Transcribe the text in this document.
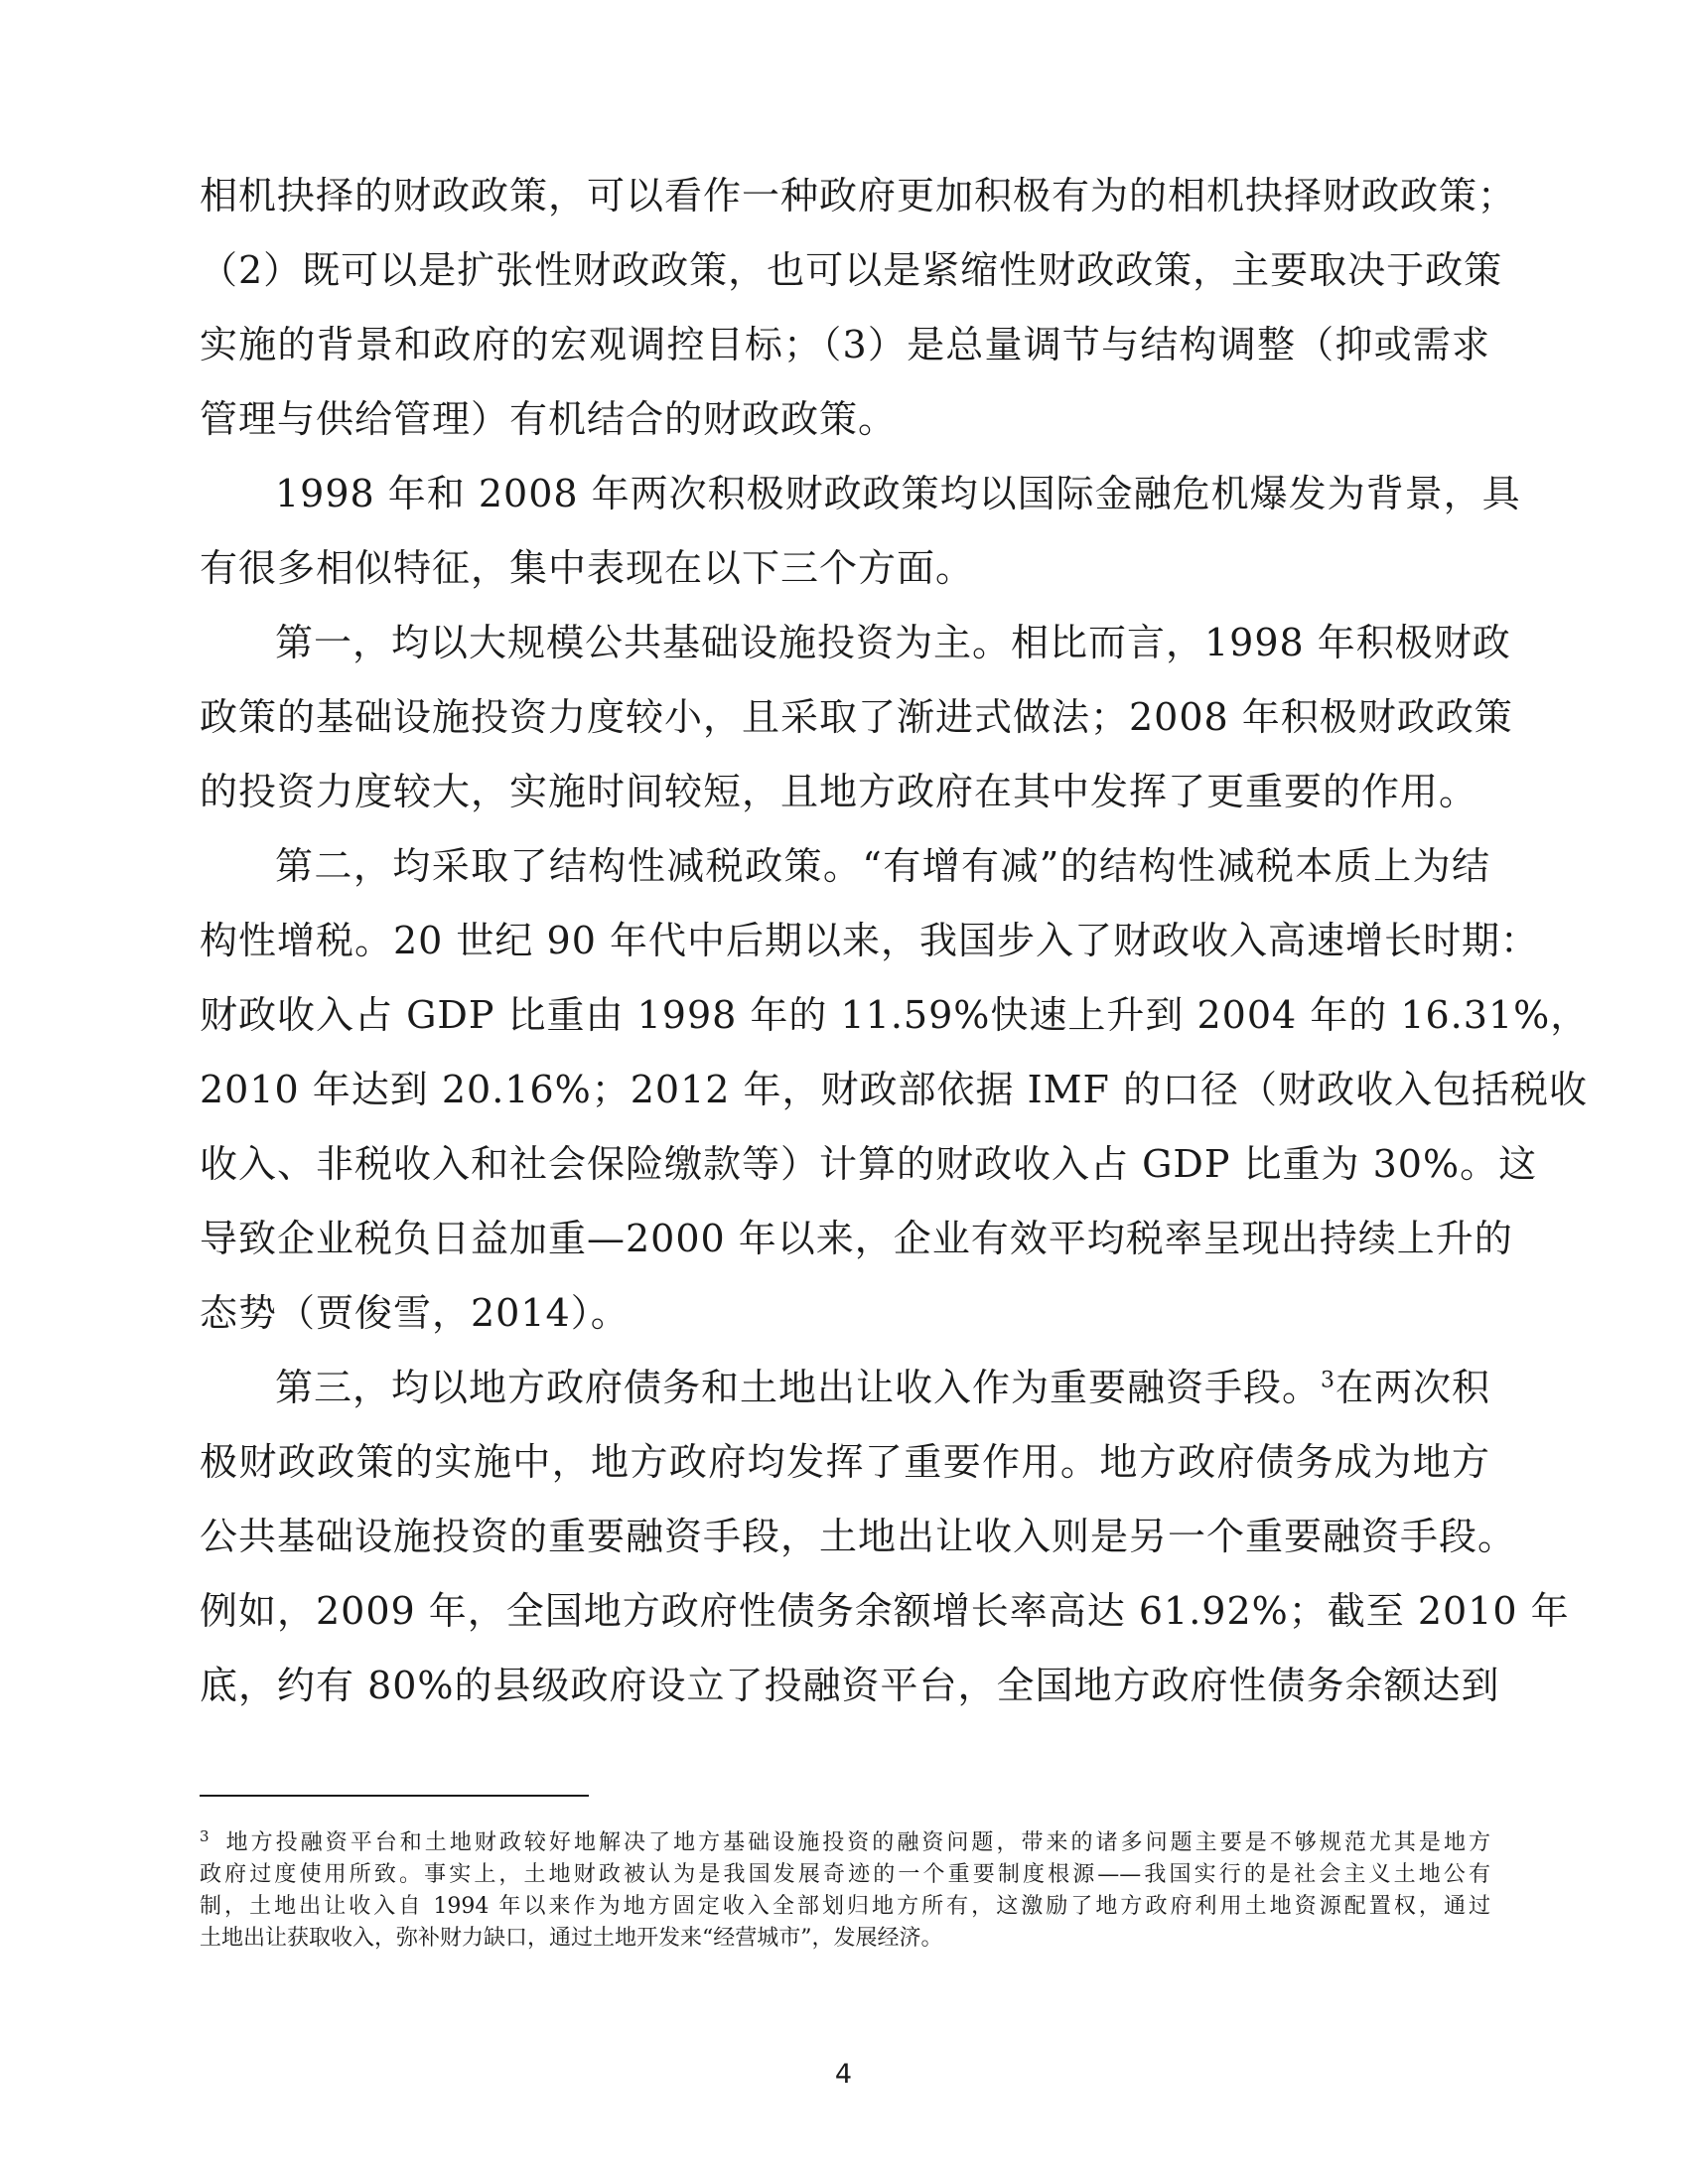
相机抉择的财政政策，可以看作一种政府更加积极有为的相机抉择财政政策；
（2）既可以是扩张性财政政策，也可以是紧缩性财政政策，主要取决于政策
实施的背景和政府的宏观调控目标；（3）是总量调节与结构调整（抑或需求
管理与供给管理）有机结合的财政政策。
1998 年和 2008 年两次积极财政政策均以国际金融危机爆发为背景，具
有很多相似特征，集中表现在以下三个方面。
第一，均以大规模公共基础设施投资为主。相比而言，1998 年积极财政
政策的基础设施投资力度较小，且采取了渐进式做法；2008 年积极财政政策
的投资力度较大，实施时间较短，且地方政府在其中发挥了更重要的作用。
第二，均采取了结构性减税政策。“有增有减”的结构性减税本质上为结
构性增税。20 世纪 90 年代中后期以来，我国步入了财政收入高速增长时期：
财政收入占 GDP 比重由 1998 年的 11.59%快速上升到 2004 年的 16.31%，
2010 年达到 20.16%；2012 年，财政部依据 IMF 的口径（财政收入包括税收
收入、非税收入和社会保险缴款等）计算的财政收入占 GDP 比重为 30%。这
导致企业税负日益加重—2000 年以来，企业有效平均税率呈现出持续上升的
态势（贾俊雪，2014）。
第三，均以地方政府债务和土地出让收入作为重要融资手段。$^3$在两次积
极财政政策的实施中，地方政府均发挥了重要作用。地方政府债务成为地方
公共基础设施投资的重要融资手段，土地出让收入则是另一个重要融资手段。
例如，2009 年，全国地方政府性债务余额增长率高达 61.92%；截至 2010 年
底，约有 80%的县级政府设立了投融资平台，全国地方政府性债务余额达到
$^3$ 地方投融资平台和土地财政较好地解决了地方基础设施投资的融资问题，带来的诸多问题主要是不够规范尤其是地方
政府过度使用所致。事实上，土地财政被认为是我国发展奇迹的一个重要制度根源——我国实行的是社会主义土地公有
制，土地出让收入自 1994 年以来作为地方固定收入全部划归地方所有，这激励了地方政府利用土地资源配置权，通过
土地出让获取收入，弥补财力缺口，通过土地开发来“经营城市”，发展经济。
4
